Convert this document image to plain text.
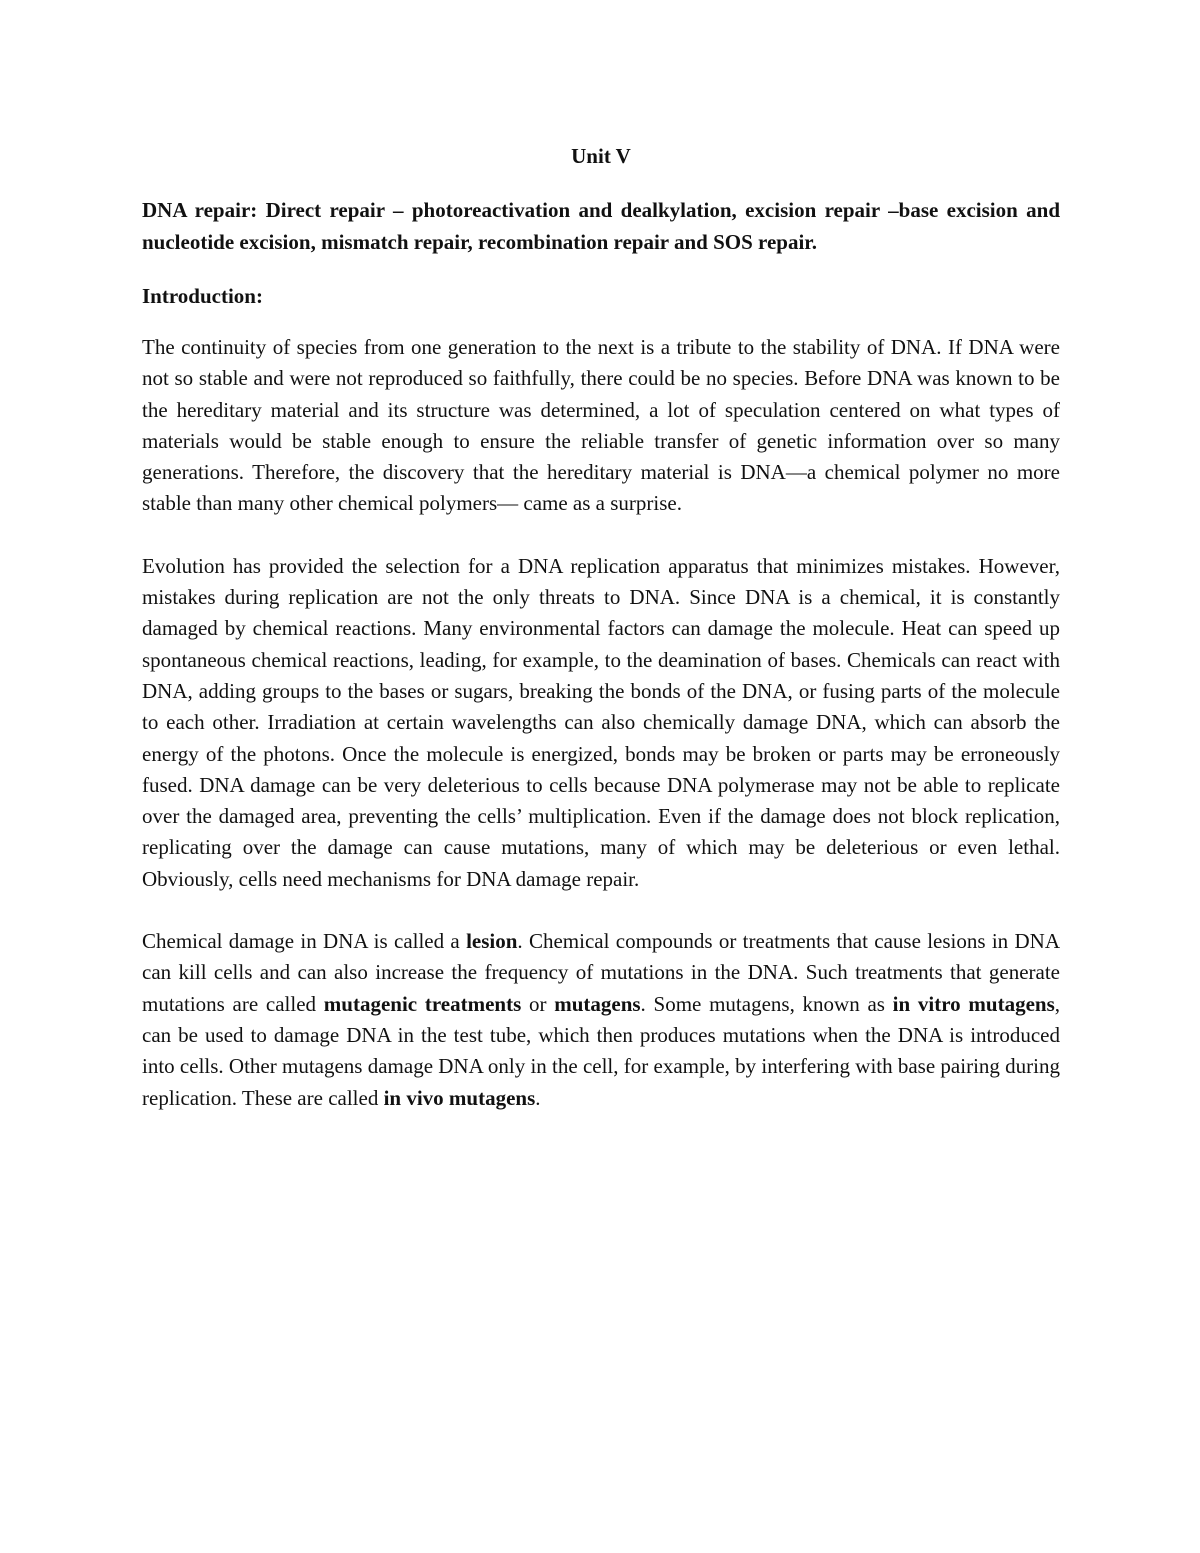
Unit V

DNA repair: Direct repair – photoreactivation and dealkylation, excision repair –base excision and nucleotide excision, mismatch repair, recombination repair and SOS repair.

Introduction:

The continuity of species from one generation to the next is a tribute to the stability of DNA. If DNA were not so stable and were not reproduced so faithfully, there could be no species. Before DNA was known to be the hereditary material and its structure was determined, a lot of speculation centered on what types of materials would be stable enough to ensure the reliable transfer of genetic information over so many generations. Therefore, the discovery that the hereditary material is DNA—a chemical polymer no more stable than many other chemical polymers— came as a surprise.

Evolution has provided the selection for a DNA replication apparatus that minimizes mistakes. However, mistakes during replication are not the only threats to DNA. Since DNA is a chemical, it is constantly damaged by chemical reactions. Many environmental factors can damage the molecule. Heat can speed up spontaneous chemical reactions, leading, for example, to the deamination of bases. Chemicals can react with DNA, adding groups to the bases or sugars, breaking the bonds of the DNA, or fusing parts of the molecule to each other. Irradiation at certain wavelengths can also chemically damage DNA, which can absorb the energy of the photons. Once the molecule is energized, bonds may be broken or parts may be erroneously fused. DNA damage can be very deleterious to cells because DNA polymerase may not be able to replicate over the damaged area, preventing the cells’ multiplication. Even if the damage does not block replication, replicating over the damage can cause mutations, many of which may be deleterious or even lethal. Obviously, cells need mechanisms for DNA damage repair.

Chemical damage in DNA is called a lesion. Chemical compounds or treatments that cause lesions in DNA can kill cells and can also increase the frequency of mutations in the DNA. Such treatments that generate mutations are called mutagenic treatments or mutagens. Some mutagens, known as in vitro mutagens, can be used to damage DNA in the test tube, which then produces mutations when the DNA is introduced into cells. Other mutagens damage DNA only in the cell, for example, by interfering with base pairing during replication. These are called in vivo mutagens.
